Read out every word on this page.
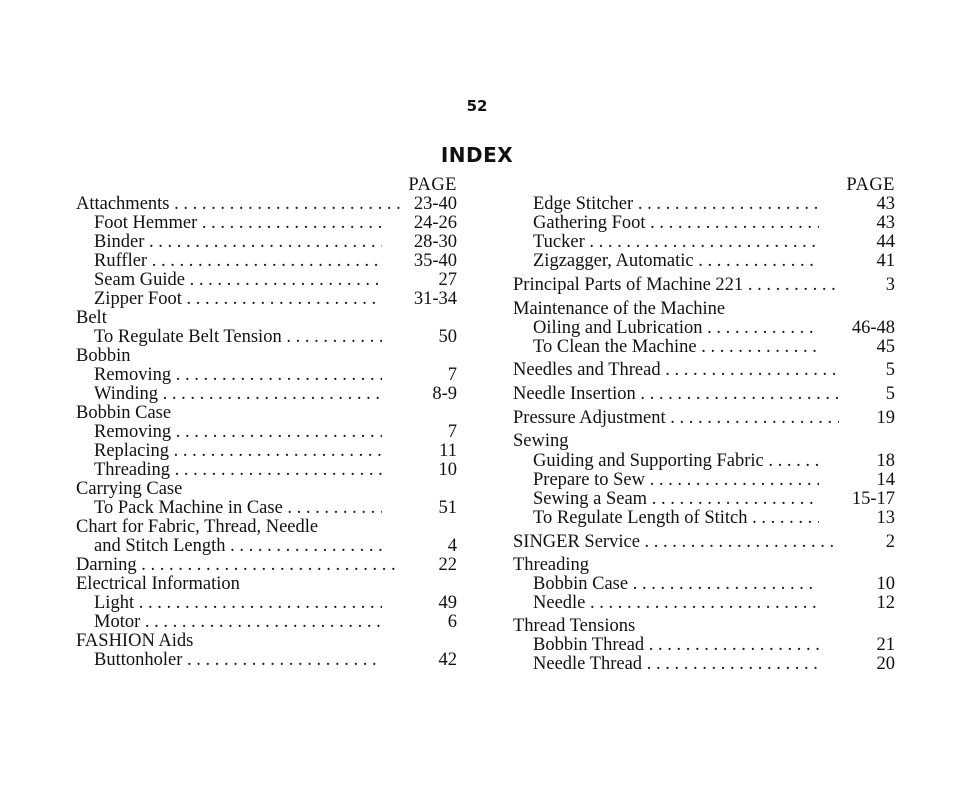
52
INDEX
PAGE
Attachments . . .	23-40
Foot Hemmer . . .	24-26
Binder . . .	28-30
Ruffler . . .	35-40
Seam Guide . . .	27
Zipper Foot . . .	31-34
Belt
To Regulate Belt Tension . . .	50
Bobbin
Removing . . .	7
Winding . . .	8-9
Bobbin Case
Removing . . .	7
Replacing . . .	11
Threading . . .	10
Carrying Case
To Pack Machine in Case . . .	51
Chart for Fabric, Thread, Needle
and Stitch Length . . .	4
Darning . . .	22
Electrical Information
Light . . .	49
Motor . . .	6
FASHION Aids
Buttonholer . . .	42
PAGE
Edge Stitcher . . .	43
Gathering Foot . . .	43
Tucker . . .	44
Zigzagger, Automatic . . .	41
Principal Parts of Machine 221 . . .	3
Maintenance of the Machine
Oiling and Lubrication . . .	46-48
To Clean the Machine . . .	45
Needles and Thread . . .	5
Needle Insertion . . .	5
Pressure Adjustment . . .	19
Sewing
Guiding and Supporting Fabric . . .	18
Prepare to Sew . . .	14
Sewing a Seam . . .	15-17
To Regulate Length of Stitch . . .	13
SINGER Service . . .	2
Threading
Bobbin Case . . .	10
Needle . . .	12
Thread Tensions
Bobbin Thread . . .	21
Needle Thread . . .	20
